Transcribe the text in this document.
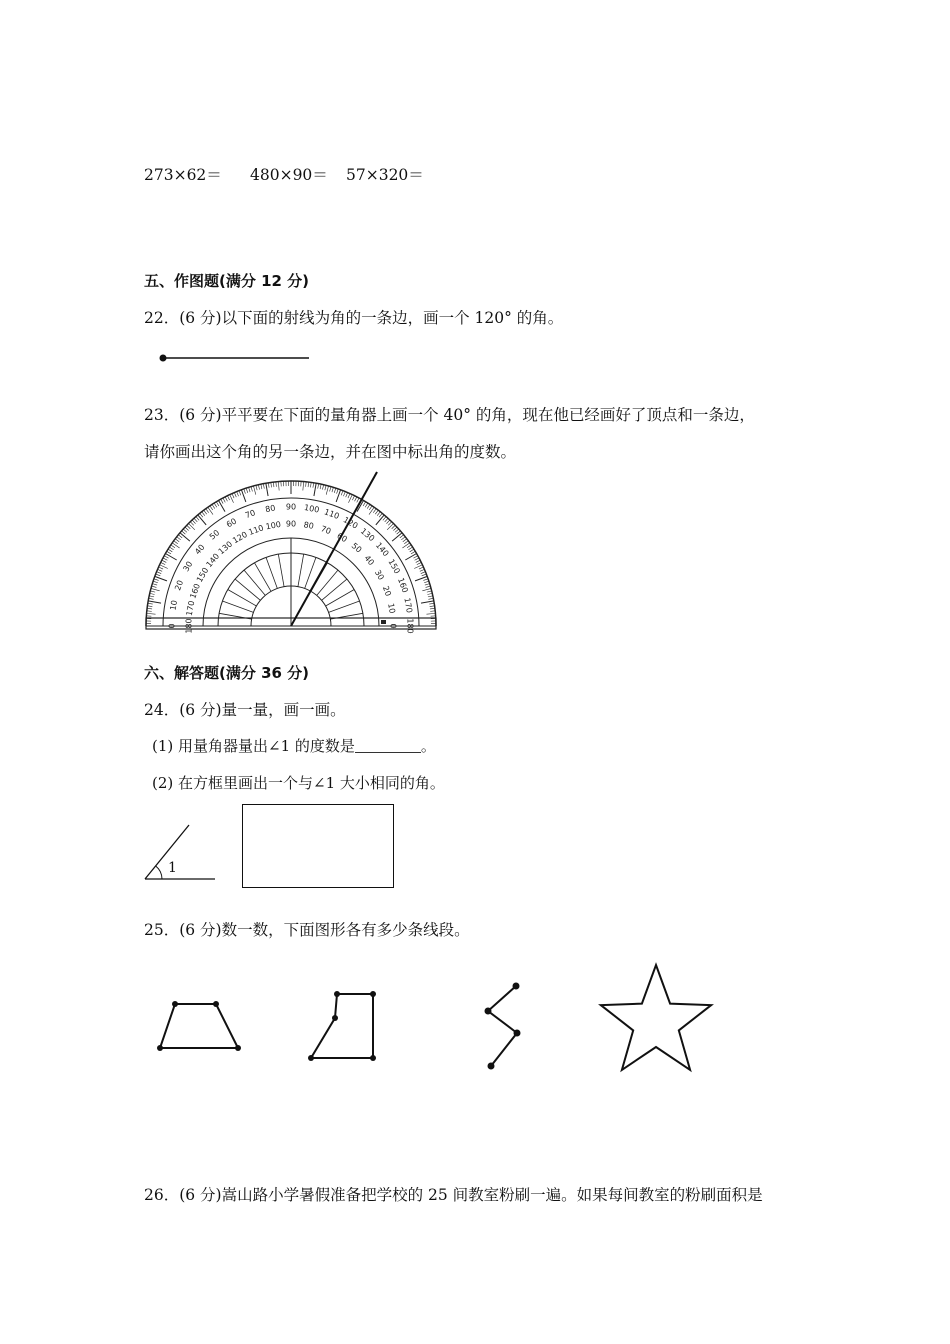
273×62＝ 480×90＝ 57×320＝
五、作图题(满分 12 分)
22．(6 分)以下面的射线为角的一条边，画一个 120° 的角。
23．(6 分)平平要在下面的量角器上画一个 40° 的角，现在他已经画好了顶点和一条边，
请你画出这个角的另一条边，并在图中标出角的度数。
0
10
20
30
40
50
60
70 80 90 100 110
120
130
140
150
160
170
180
180
170
160
150
140
130
120
110 100 90 80 70
60
50
40
30
20
10
0
六、解答题(满分 36 分)
24．(6 分)量一量，画一画。
(1) 用量角器量出∠1 的度数是	。
(2) 在方框里画出一个与∠1 大小相同的角。
1
25．(6 分)数一数，下面图形各有多少条线段。
26．(6 分)嵩山路小学暑假准备把学校的 25 间教室粉刷一遍。如果每间教室的粉刷面积是
